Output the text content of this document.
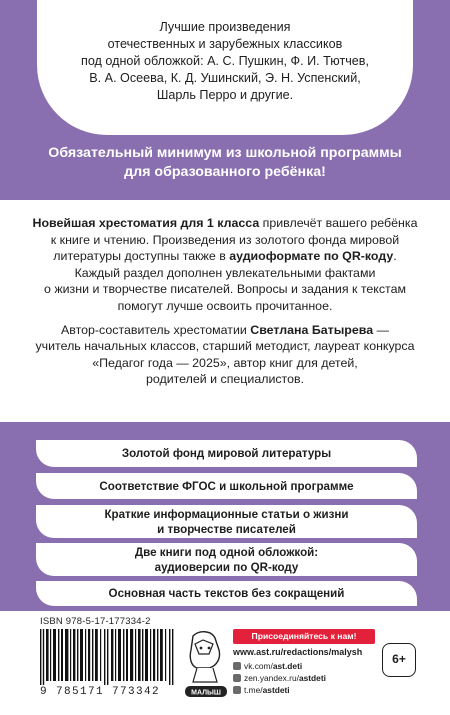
Лучшие произведения
отечественных и зарубежных классиков
под одной обложкой: А. С. Пушкин, Ф. И. Тютчев,
В. А. Осеева, К. Д. Ушинский, Э. Н. Успенский,
Шарль Перро и другие.
Обязательный минимум из школьной программы
для образованного ребёнка!
Новейшая хрестоматия для 1 класса привлечёт вашего ребёнка
к книге и чтению. Произведения из золотого фонда мировой
литературы доступны также в аудиоформате по QR-коду.
Каждый раздел дополнен увлекательными фактами
о жизни и творчестве писателей. Вопросы и задания к текстам
помогут лучше освоить прочитанное.
Автор-составитель хрестоматии Светлана Батырева —
учитель начальных классов, старший методист, лауреат конкурса
«Педагог года — 2025», автор книг для детей,
родителей и специалистов.
Золотой фонд мировой литературы
Соответствие ФГОС и школьной программе
Краткие информационные статьи о жизни
и творчестве писателей
Две книги под одной обложкой:
аудиоверсии по QR-коду
Основная часть текстов без сокращений
ISBN 978-5-17-177334-2
9 785171 773342	МАЛЫШ
Присоединяйтесь к нам!
www.ast.ru/redactions/malysh
vk.com/ast.deti
zen.yandex.ru/astdeti
t.me/astdeti
6+
